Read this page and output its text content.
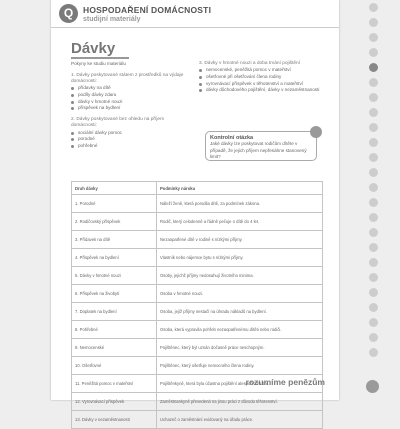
Q	HOSPODAŘENÍ DOMÁCNOSTI
studijní materiály
Dávky
Pokyny ke studiu materiálu
1. Dávky poskytované státem z prostředků na výdaje domácnosti:
přídavky na dítě
podíly dávky zdaru
dávky v hmotné nouzi
příspěvek na bydlení
2. Dávky poskytované bez ohledu na příjem domácnosti:
sociální dávky pomoc
porodné
pohřebné
3. Dávky v hmotné nouzi a doba trvání pojištění
nemocenské, peněžitá pomoc v mateřství
ošetřovné při ošetřování člena rodiny
vyrovnávací příspěvek v těhotenství a mateřství
dávky důchodového pojištění, dávky v nezaměstnanosti
Kontrolní otázka
Jaké dávky lze poskytovat rodičům dítěte v případě, že jejich příjem nepřesáhne stanovený limit?
Druh dávky	Podmínky nároku
1. Porodné	Náleží ženě, která porodila dítě, za podmínek zákona.
2. Rodičovský příspěvek	Rodič, který celodenně a řádně pečuje o dítě do 4 let.
3. Přídavek na dítě	Nezaopatřené dítě v rodině s nízkými příjmy.
4. Příspěvek na bydlení	Vlastník nebo nájemce bytu s nízkými příjmy.
5. Dávky v hmotné nouzi	Osoby, jejichž příjmy nedosahují životního minima.
6. Příspěvek na živobytí	Osoba v hmotné nouzi.
7. Doplatek na bydlení	Osoba, jejíž příjmy nestačí na úhradu nákladů na bydlení.
8. Pohřebné	Osoba, která vypravila pohřeb nezaopatřenému dítěti nebo rodiči.
9. Nemocenské	Pojištěnec, který byl uznán dočasně práce neschopným.
10. Ošetřovné	Pojištěnec, který ošetřuje nemocného člena rodiny.
11. Peněžitá pomoc v mateřství	Pojištěnkyně, která byla účastna pojištění alespoň 270 dní.
12. Vyrovnávací příspěvek	Zaměstnankyně převedená na jinou práci z důvodu těhotenství.
13. Dávky v nezaměstnanosti	Uchazeč o zaměstnání evidovaný na úřadu práce.
rozumíme penězům
